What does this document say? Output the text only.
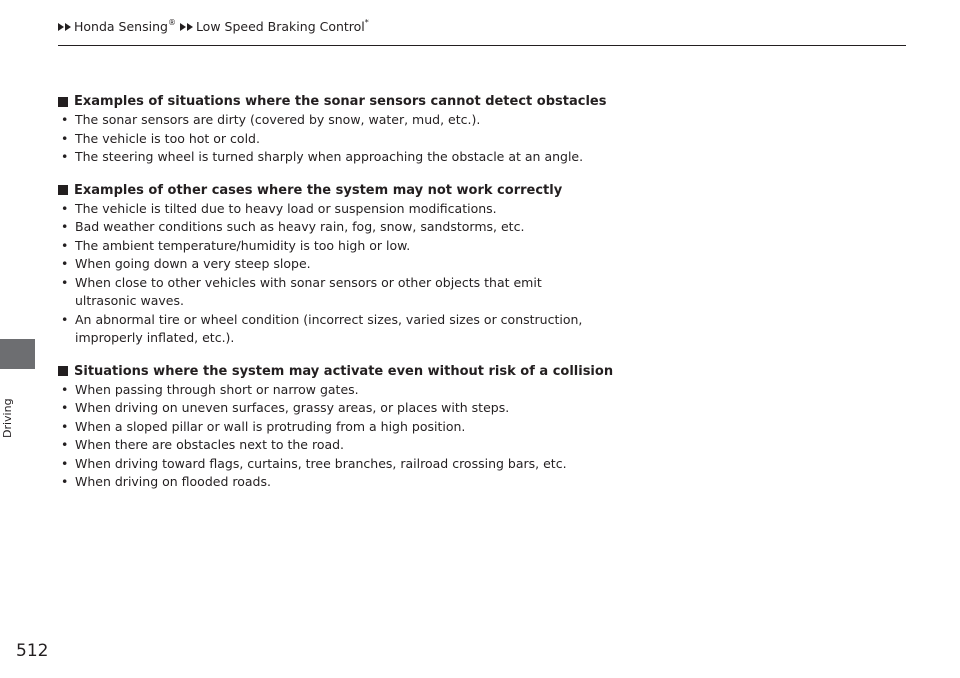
Honda Sensing ® Low Speed Braking Control *
Driving
512
Examples of situations where the sonar sensors cannot detect obstacles
• The sonar sensors are dirty (covered by snow, water, mud, etc.).
• The vehicle is too hot or cold.
• The steering wheel is turned sharply when approaching the obstacle at an angle.
Examples of other cases where the system may not work correctly
• The vehicle is tilted due to heavy load or suspension modifications.
• Bad weather conditions such as heavy rain, fog, snow, sandstorms, etc.
• The ambient temperature/humidity is too high or low.
• When going down a very steep slope.
• When close to other vehicles with sonar sensors or other objects that emit ultrasonic waves.
• An abnormal tire or wheel condition (incorrect sizes, varied sizes or construction, improperly inflated, etc.).
Situations where the system may activate even without risk of a collision
• When passing through short or narrow gates.
• When driving on uneven surfaces, grassy areas, or places with steps.
• When a sloped pillar or wall is protruding from a high position.
• When there are obstacles next to the road.
• When driving toward flags, curtains, tree branches, railroad crossing bars, etc.
• When driving on flooded roads.
